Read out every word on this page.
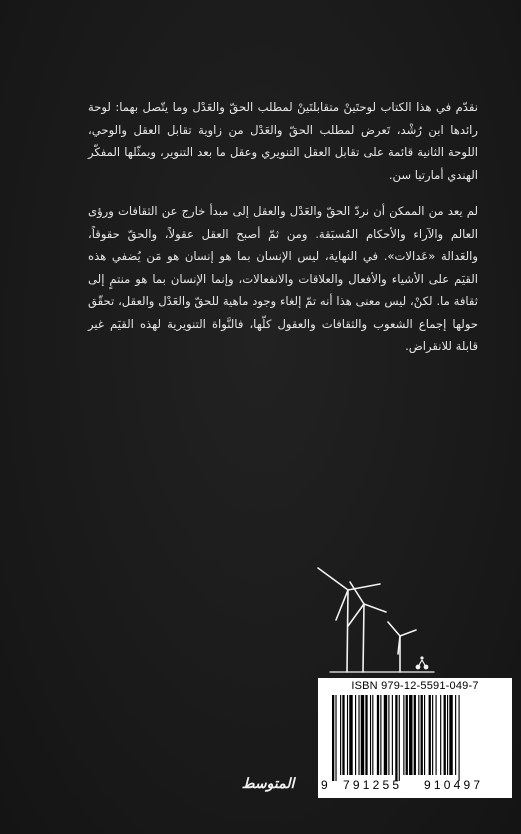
نقدّم في هذا الكتاب لوحتَينْ متقابلتَينْ لمطلب الحقّ والعَدْل وما يتّصل بهما: لوحة رائدها ابن رُشْد، تَعرض لمطلب الحقّ والعَدْل من زاوية تقابل العقل والوحي، اللوحة الثانية قائمة على تقابل العقل التنويري وعقل ما بعد التنوير، ويمثّلها المفكّر الهندي أمارتيا سن.

لم يعد من الممكن أن نردّ الحقّ والعَدْل والعقل إلى مبدأ خارج عن الثقافات ورؤى العالم والآراء والأحكام المُسبَقة. ومن ثمّ أصبح العقل عقولاً، والحقّ حقوقاً، والعَدالة «عَدالات». في النهاية، ليس الإنسان بما هو إنسان هو مَن يُضفي هذه القيَم على الأشياء والأفعال والعلاقات والانفعالات، وإنما الإنسان بما هو منتمٍ إلى ثقافة ما. لكنْ، ليس معنى هذا أنه تمّ إلغاء وجود ماهية للحقّ والعَدْل والعقل، تحقّق حولها إجماع الشعوب والثقافات والعقول كلّها، فالنَّواة التنويرية لهذه القيَم غير قابلة للانقراض.

ISBN 979-12-5591-049-7
9 791255 910497
المتوسط
